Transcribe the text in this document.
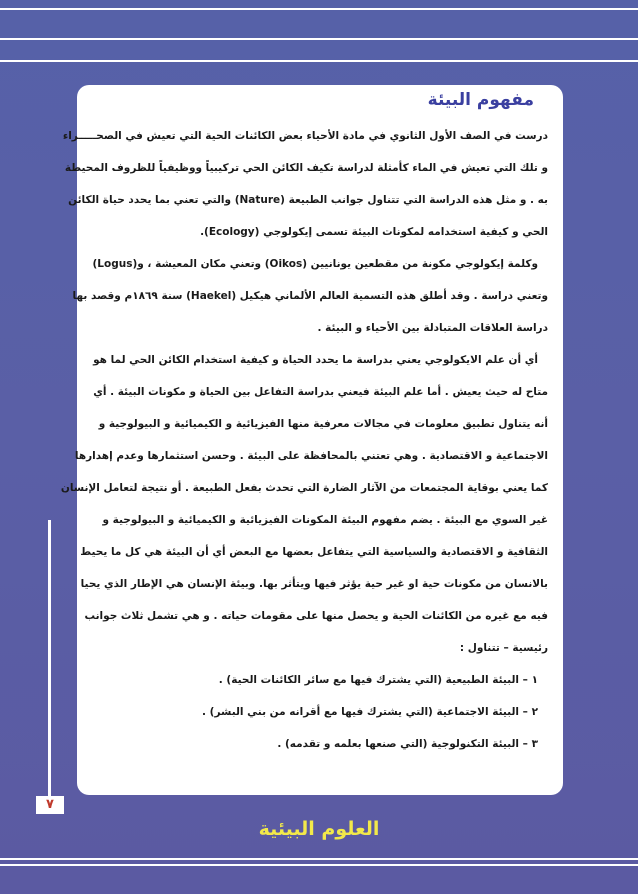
مفهوم البيئة
درست في الصف الأول الثانوي في مادة الأحياء بعض الكائنات الحية التي تعيش في الصحـــــراء
و تلك التي تعيش في الماء كأمثلة لدراسة تكيف الكائن الحي تركيبياً ووظيفياً للظروف المحيطة
به . و مثل هذه الدراسة التي تتناول جوانب الطبيعة (Nature) والتي تعني بما يحدد حياة الكائن
الحي و كيفية استخدامه لمكونات البيئة تسمى إيكولوجي (Ecology).
وكلمة إيكولوجي مكونة من مقطعين يونانيين (Oikos) وتعني مكان المعيشة ، و(Logus)
وتعني دراسة . وقد أطلق هذه التسمية العالم الألماني هيكيل (Haekel) سنة ١٨٦٩م وقصد بها
دراسة العلاقات المتبادلة بين الأحياء و البيئة .
أي أن علم الايكولوجي يعني بدراسة ما يحدد الحياة و كيفية استخدام الكائن الحي لما هو
متاح له حيث يعيش . أما علم البيئة فيعني بدراسة التفاعل بين الحياة و مكونات البيئة . أي
أنه يتناول تطبيق معلومات في مجالات معرفية منها الفيزيائية و الكيميائية و البيولوجية و
الاجتماعية و الاقتصادية . وهي تعتني بالمحافظة على البيئة . وحسن استثمارها وعدم إهدارها
كما يعني بوقاية المجتمعات من الآثار الضارة التي تحدث بفعل الطبيعة . أو نتيجة لتعامل الإنسان
غير السوي مع البيئة . يضم مفهوم البيئة المكونات الفيزيائية و الكيميائية و البيولوجية و
الثقافية و الاقتصادية والسياسية التي يتفاعل بعضها مع البعض أي أن البيئة هي كل ما يحيط
بالانسان من مكونات حية او غير حية يؤثر فيها ويتأثر بها. وبيئة الإنسان هي الإطار الذي يحيا
فيه مع غيره من الكائنات الحية و يحصل منها على مقومات حياته . و هي تشمل ثلاث جوانب
رئيسية – تتناول :
١ – البيئة الطبيعية (التي يشترك فيها مع سائر الكائنات الحية) .
٢ – البيئة الاجتماعية (التي يشترك فيها مع أقرانه من بني البشر) .
٣ – البيئة التكنولوجية (التي صنعها بعلمه و تقدمه) .
٧
العلوم البيئية
